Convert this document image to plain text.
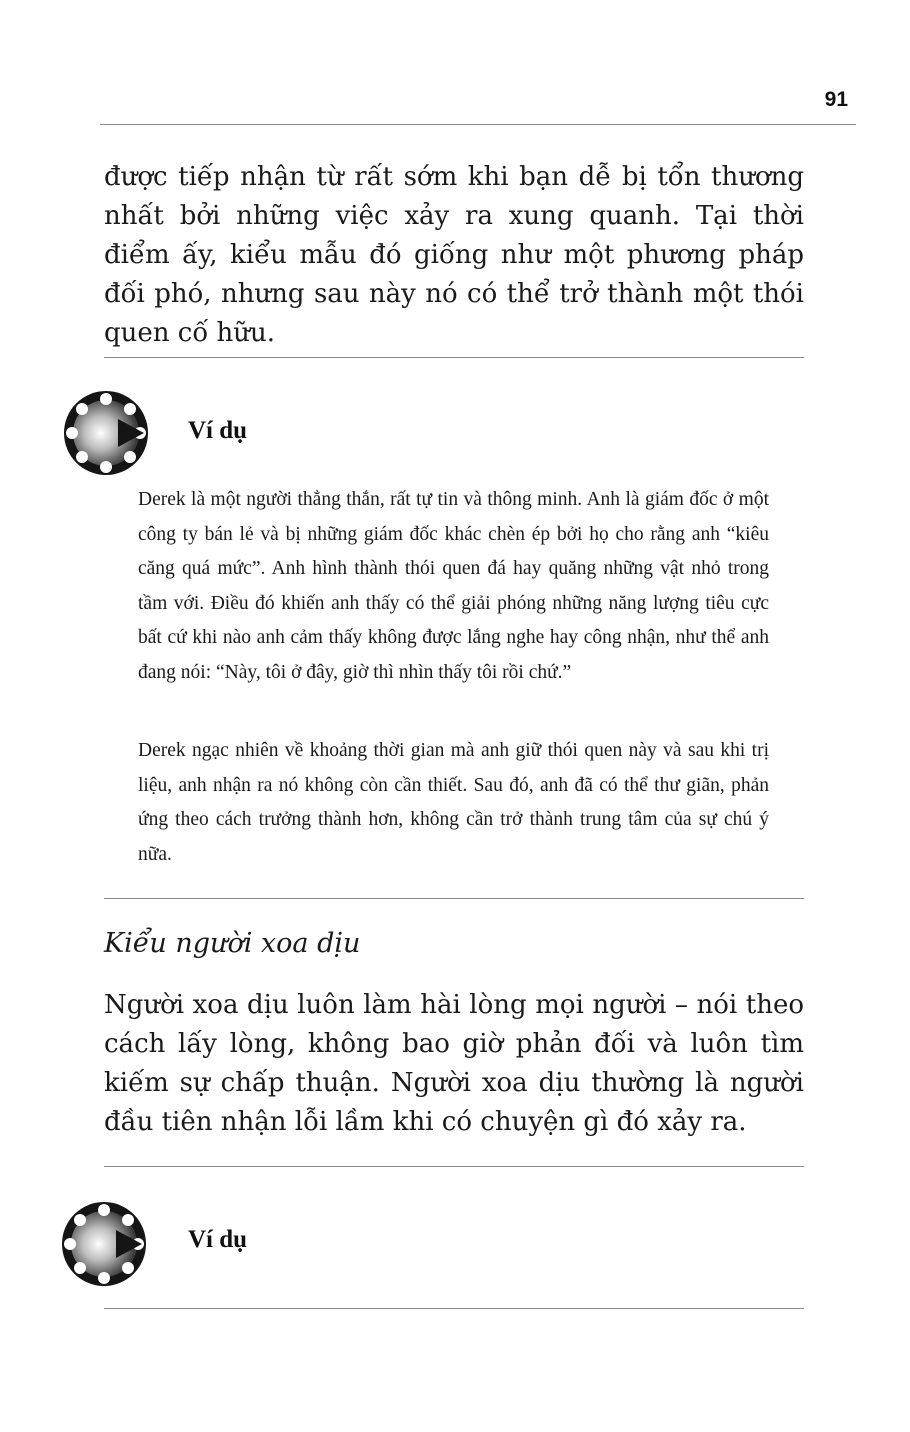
91

được tiếp nhận từ rất sớm khi bạn dễ bị tổn thương nhất bởi những việc xảy ra xung quanh. Tại thời điểm ấy, kiểu mẫu đó giống như một phương pháp đối phó, nhưng sau này nó có thể trở thành một thói quen cố hữu.

Ví dụ

Derek là một người thẳng thắn, rất tự tin và thông minh. Anh là giám đốc ở một công ty bán lẻ và bị những giám đốc khác chèn ép bởi họ cho rằng anh “kiêu căng quá mức”. Anh hình thành thói quen đá hay quăng những vật nhỏ trong tầm với. Điều đó khiến anh thấy có thể giải phóng những năng lượng tiêu cực bất cứ khi nào anh cảm thấy không được lắng nghe hay công nhận, như thể anh đang nói: “Này, tôi ở đây, giờ thì nhìn thấy tôi rồi chứ.”

Derek ngạc nhiên về khoảng thời gian mà anh giữ thói quen này và sau khi trị liệu, anh nhận ra nó không còn cần thiết. Sau đó, anh đã có thể thư giãn, phản ứng theo cách trưởng thành hơn, không cần trở thành trung tâm của sự chú ý nữa.

Kiểu người xoa dịu

Người xoa dịu luôn làm hài lòng mọi người – nói theo cách lấy lòng, không bao giờ phản đối và luôn tìm kiếm sự chấp thuận. Người xoa dịu thường là người đầu tiên nhận lỗi lầm khi có chuyện gì đó xảy ra.

Ví dụ
